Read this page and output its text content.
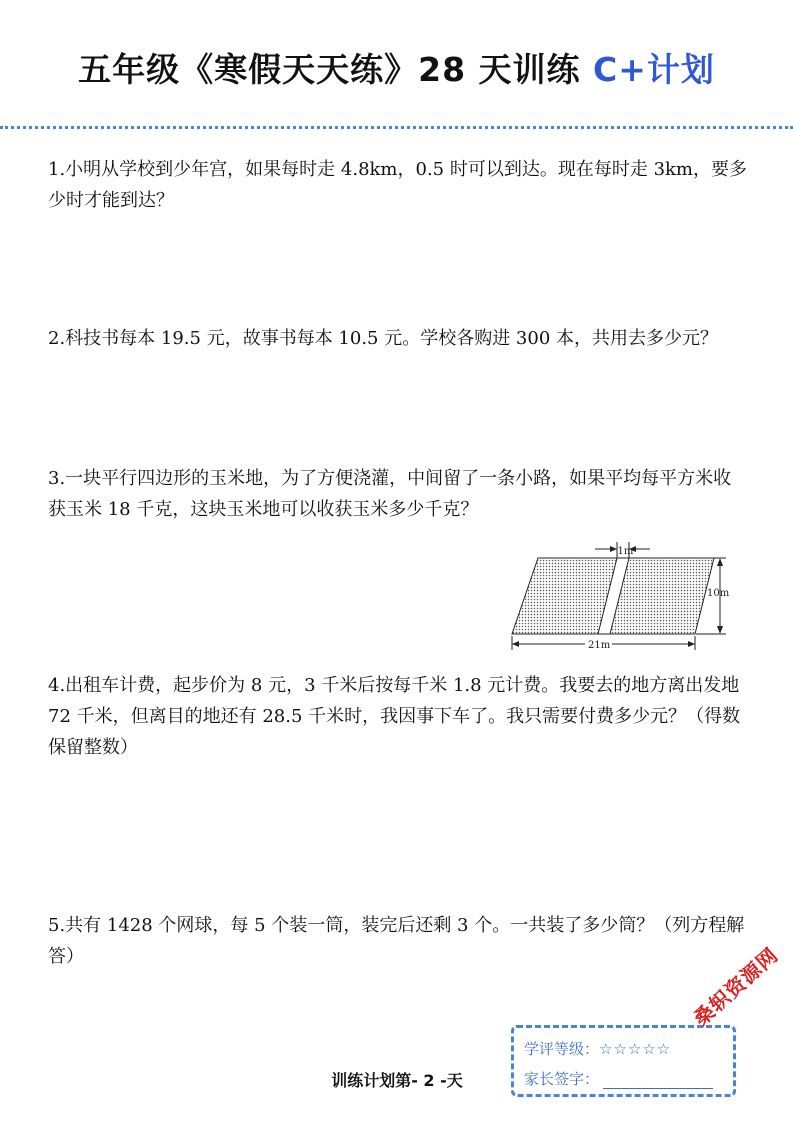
五年级《寒假天天练》28 天训练 C+计划
1.小明从学校到少年宫，如果每时走 4.8km，0.5 时可以到达。现在每时走 3km，要多少时才能到达？
2.科技书每本 19.5 元，故事书每本 10.5 元。学校各购进 300 本，共用去多少元？
3.一块平行四边形的玉米地，为了方便浇灌，中间留了一条小路，如果平均每平方米收获玉米 18 千克，这块玉米地可以收获玉米多少千克？
1m
10m
21m
4.出租车计费，起步价为 8 元，3 千米后按每千米 1.8 元计费。我要去的地方离出发地 72 千米，但离目的地还有 28.5 千米时，我因事下车了。我只需要付费多少元？（得数保留整数）
5.共有 1428 个网球，每 5 个装一筒，装完后还剩 3 个。一共装了多少筒？（列方程解答）
学评等级：☆☆☆☆☆
家长签字：
训练计划第- 2 -天
桑轵资源网
